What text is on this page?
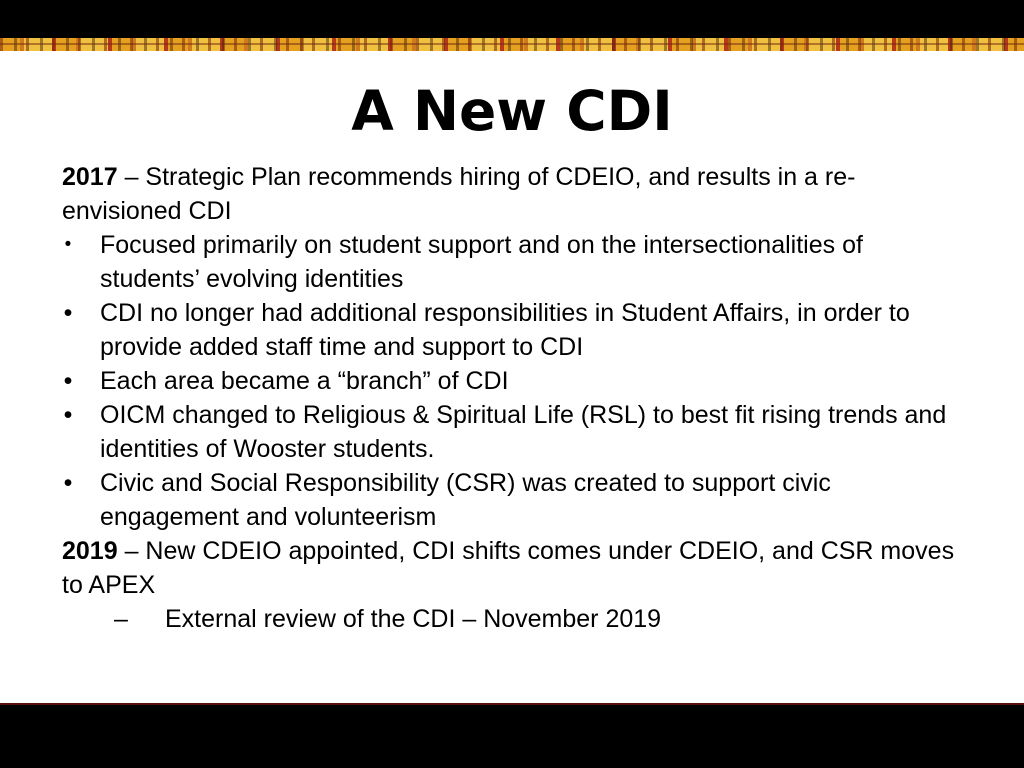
A New CDI

2017 – Strategic Plan recommends hiring of CDEIO, and results in a re-envisioned CDI

• Focused primarily on student support and on the intersectionalities of students’ evolving identities
• CDI no longer had additional responsibilities in Student Affairs, in order to provide added staff time and support to CDI
• Each area became a “branch” of CDI
• OICM changed to Religious & Spiritual Life (RSL) to best fit rising trends and identities of Wooster students.
• Civic and Social Responsibility (CSR) was created to support civic engagement and volunteerism

2019 – New CDEIO appointed, CDI shifts comes under CDEIO, and CSR moves to APEX

– External review of the CDI – November 2019
